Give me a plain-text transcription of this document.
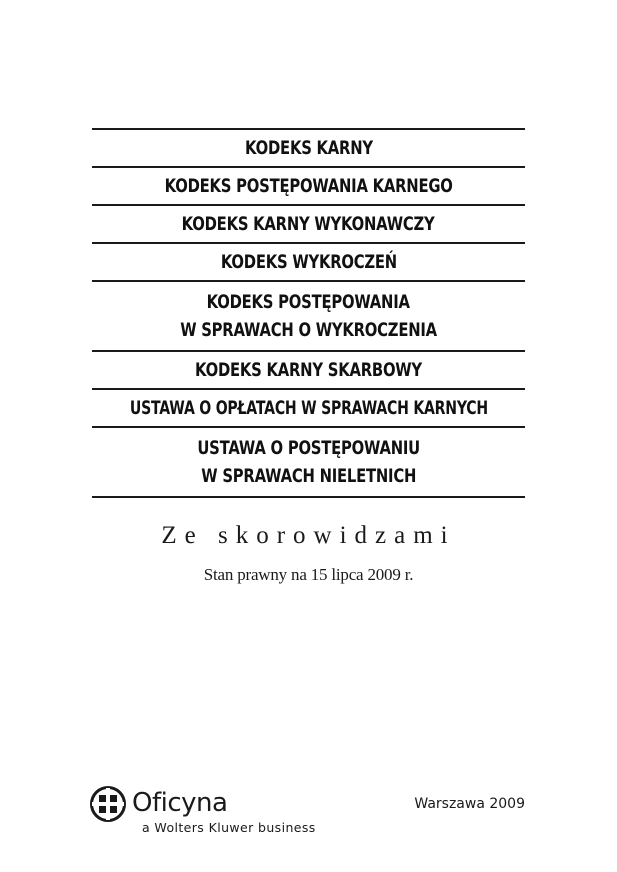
KODEKS KARNY
KODEKS POSTĘPOWANIA KARNEGO
KODEKS KARNY WYKONAWCZY
KODEKS WYKROCZEŃ
KODEKS POSTĘPOWANIA
W SPRAWACH O WYKROCZENIA
KODEKS KARNY SKARBOWY
USTAWA O OPŁATACH W SPRAWACH KARNYCH
USTAWA O POSTĘPOWANIU
W SPRAWACH NIELETNICH
Ze skorowidzami
Stan prawny na 15 lipca 2009 r.
Oficyna
a Wolters Kluwer business
Warszawa 2009
